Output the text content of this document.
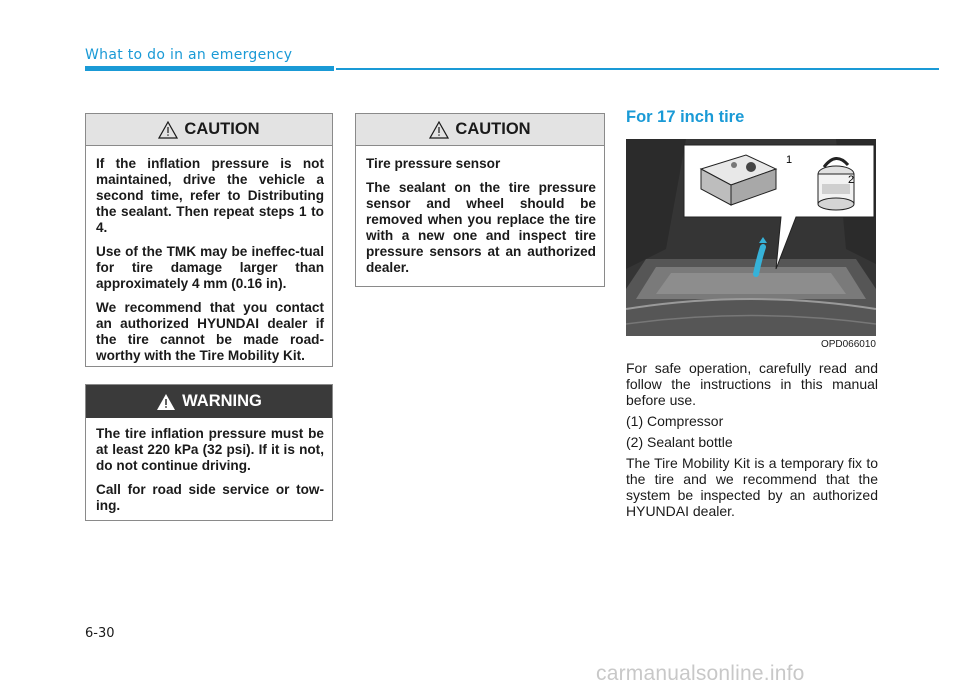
What to do in an emergency
CAUTION

If the inflation pressure is not maintained, drive the vehicle a second time, refer to Distributing the sealant. Then repeat steps 1 to 4.

Use of the TMK may be ineffec-tual for tire damage larger than approximately 4 mm (0.16 in).

We recommend that you contact an authorized HYUNDAI dealer if the tire cannot be made road-worthy with the Tire Mobility Kit.

WARNING

The tire inflation pressure must be at least 220 kPa (32 psi). If it is not, do not continue driving.

Call for road side service or tow-ing.

CAUTION

Tire pressure sensor

The sealant on the tire pressure sensor and wheel should be removed when you replace the tire with a new one and inspect tire pressure sensors at an authorized dealer.

For 17 inch tire
1
2
OPD066010

For safe operation, carefully read and follow the instructions in this manual before use.

(1) Compressor

(2) Sealant bottle

The Tire Mobility Kit is a temporary fix to the tire and we recommend that the system be inspected by an authorized HYUNDAI dealer.

6-30
carmanualsonline.info
